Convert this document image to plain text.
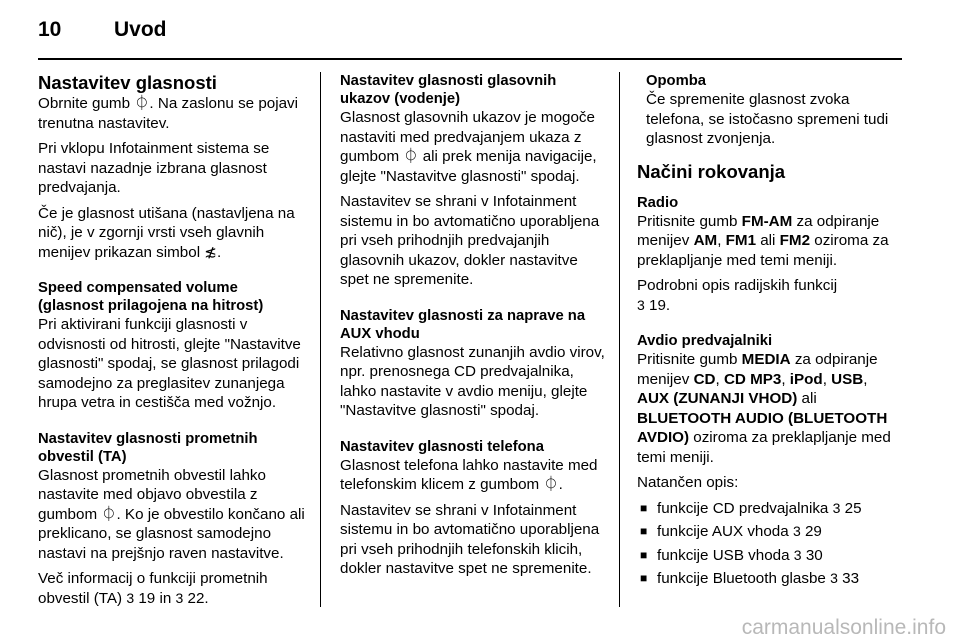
10	Uvod
Nastavitev glasnosti

Obrnite gumb ⏀. Na zaslonu se pojavi trenutna nastavitev.

Pri vklopu Infotainment sistema se nastavi nazadnje izbrana glasnost predvajanja.

Če je glasnost utišana (nastavljena na nič), je v zgornji vrsti vseh glavnih menijev prikazan simbol ≴.

Speed compensated volume (glasnost prilagojena na hitrost)

Pri aktivirani funkciji glasnosti v odvisnosti od hitrosti, glejte "Nastavitve glasnosti" spodaj, se glasnost prilagodi samodejno za preglasitev zunanjega hrupa vetra in cestišča med vožnjo.

Nastavitev glasnosti prometnih obvestil (TA)

Glasnost prometnih obvestil lahko nastavite med objavo obvestila z gumbom ⏀. Ko je obvestilo končano ali preklicano, se glasnost samodejno nastavi na prejšnjo raven nastavitve.

Več informacij o funkciji prometnih obvestil (TA) 3 19 in 3 22.

Nastavitev glasnosti glasovnih ukazov (vodenje)

Glasnost glasovnih ukazov je mogoče nastaviti med predvajanjem ukaza z gumbom ⏀ ali prek menija navigacije, glejte "Nastavitve glasnosti" spodaj.

Nastavitev se shrani v Infotainment sistemu in bo avtomatično uporabljena pri vseh prihodnjih predvajanjih glasovnih ukazov, dokler nastavitve spet ne spremenite.

Nastavitev glasnosti za naprave na AUX vhodu

Relativno glasnost zunanjih avdio virov, npr. prenosnega CD predvajalnika, lahko nastavite v avdio meniju, glejte "Nastavitve glasnosti" spodaj.

Nastavitev glasnosti telefona

Glasnost telefona lahko nastavite med telefonskim klicem z gumbom ⏀.

Nastavitev se shrani v Infotainment sistemu in bo avtomatično uporabljena pri vseh prihodnjih telefonskih klicih, dokler nastavitve spet ne spremenite.

Opomba

Če spremenite glasnost zvoka telefona, se istočasno spremeni tudi glasnost zvonjenja.

Načini rokovanja
Radio

Pritisnite gumb FM-AM za odpiranje menijev AM, FM1 ali FM2 oziroma za preklapljanje med temi meniji.

Podrobni opis radijskih funkcij
3 19.

Avdio predvajalniki

Pritisnite gumb MEDIA za odpiranje menijev CD, CD MP3, iPod, USB,
AUX (ZUNANJI VHOD) ali
BLUETOOTH AUDIO (BLUETOOTH AVDIO) oziroma za preklapljanje med temi meniji.

Natančen opis:

■ funkcije CD predvajalnika 3 25
■ funkcije AUX vhoda 3 29
■ funkcije USB vhoda 3 30
■ funkcije Bluetooth glasbe 3 33
carmanualsonline.info
